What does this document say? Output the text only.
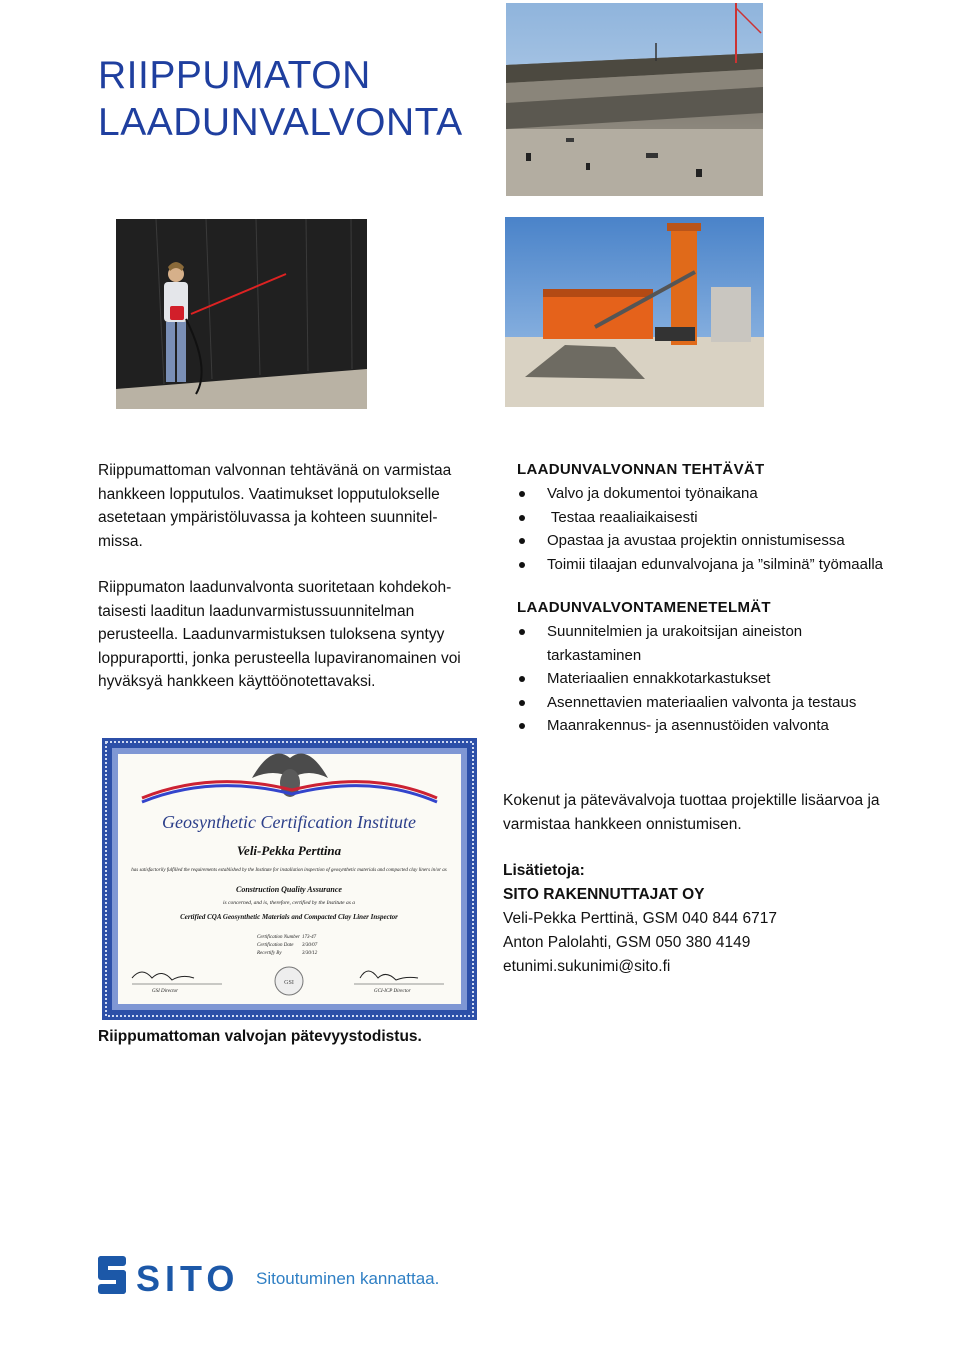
RIIPPUMATON
LAADUNVALVONTA

Riippumattoman valvonnan tehtävänä on varmistaa hankkeen lopputulos. Vaatimukset lopputulokselle asetetaan ympäristöluvassa ja kohteen suunnitel-missa.

Riippumaton laadunvalvonta suoritetaan kohdekoh-taisesti laaditun laadunvarmistussuunnitelman perusteella. Laadunvarmistuksen tuloksena syntyy loppuraportti, jonka perusteella lupaviranomainen voi hyväksyä hankkeen käyttöönotettavaksi.

LAADUNVALVONNAN TEHTÄVÄT
Valvo ja dokumentoi työnaikana
Testaa reaaliaikaisesti
Opastaa ja avustaa projektin onnistumisessa
Toimii tilaajan edunvalvojana ja ”silminä” työmaalla
LAADUNVALVONTAMENETELMÄT
Suunnitelmien ja urakoitsijan aineiston tarkastaminen
Materiaalien ennakkotarkastukset
Asennettavien materiaalien valvonta ja testaus
Maanrakennus- ja asennustöiden valvonta
Kokenut ja pätevävalvoja tuottaa projektille lisäarvoa ja varmistaa hankkeen onnistumisen.
Lisätietoja:
SITO RAKENNUTTAJAT OY
Veli-Pekka Perttinä, GSM 040 844 6717
Anton Palolahti, GSM 050 380 4149
etunimi.sukunimi@sito.fi
Geosynthetic Certification Institute
Veli-Pekka Perttina
has satisfactorily fulfilled the requirements established by the Institute for installation inspection of geosynthetic materials and compacted clay liners in/or as
Construction Quality Assurance
is concerned, and is, therefore, certified by the Institute as a
Certified CQA Geosynthetic Materials and Compacted Clay Liner Inspector
Certification Number 173-47
Certification Date 3/30/07
Recertify By	3/30/12
GSI Director
GSI
GCI-ICP Director
Riippumattoman valvojan pätevyystodistus.
SITO Sitoutuminen kannattaa.
